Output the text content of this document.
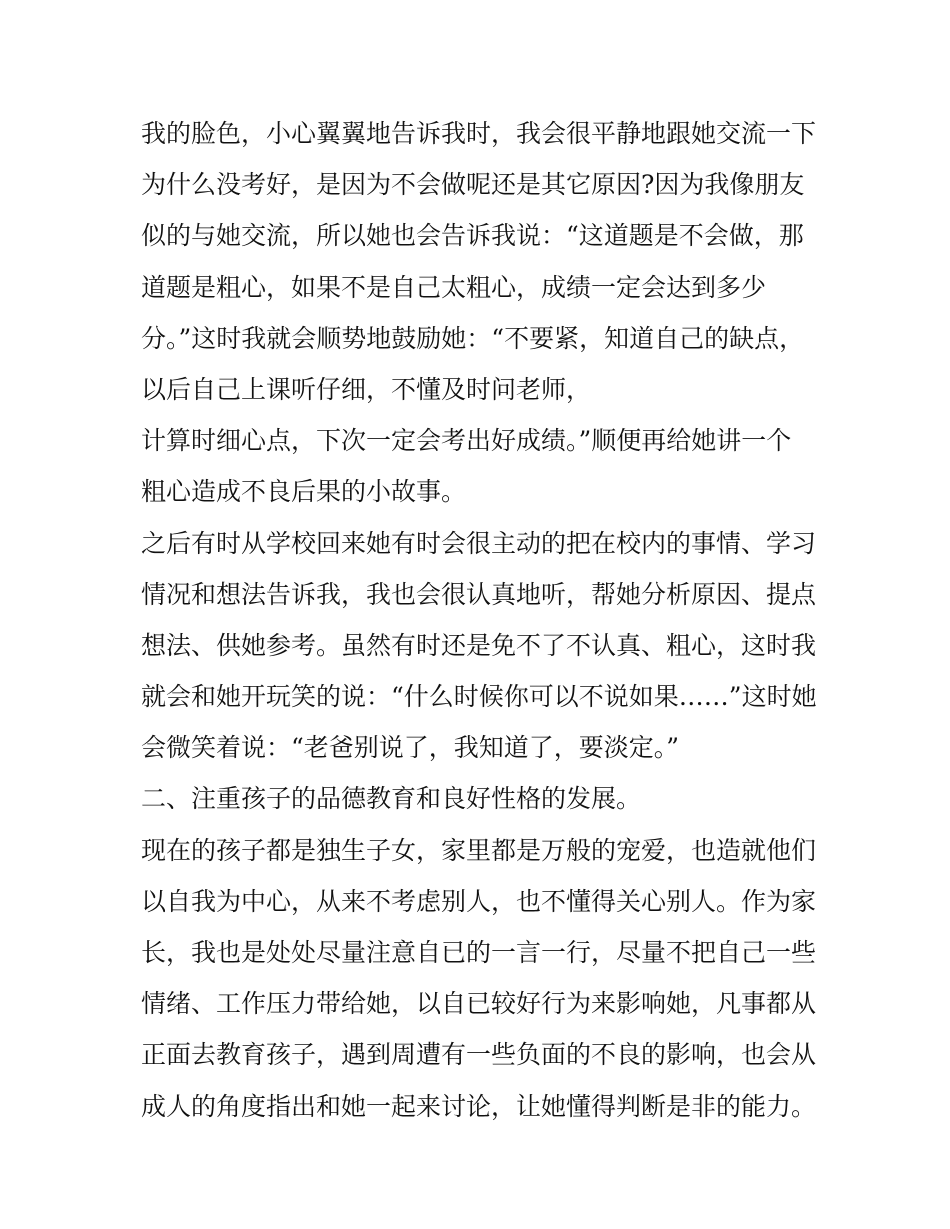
我的脸色，小心翼翼地告诉我时，我会很平静地跟她交流一下
为什么没考好，是因为不会做呢还是其它原因?因为我像朋友
似的与她交流，所以她也会告诉我说：“这道题是不会做，那
道题是粗心，如果不是自己太粗心，成绩一定会达到多少
分。”这时我就会顺势地鼓励她：“不要紧，知道自己的缺点，
以后自己上课听仔细，不懂及时问老师，
计算时细心点，下次一定会考出好成绩。”顺便再给她讲一个
粗心造成不良后果的小故事。
之后有时从学校回来她有时会很主动的把在校内的事情、学习
情况和想法告诉我，我也会很认真地听，帮她分析原因、提点
想法、供她参考。虽然有时还是免不了不认真、粗心，这时我
就会和她开玩笑的说：“什么时候你可以不说如果……”这时她
会微笑着说：“老爸别说了，我知道了，要淡定。”
二、注重孩子的品德教育和良好性格的发展。
现在的孩子都是独生子女，家里都是万般的宠爱，也造就他们
以自我为中心，从来不考虑别人，也不懂得关心别人。作为家
长，我也是处处尽量注意自已的一言一行，尽量不把自己一些
情绪、工作压力带给她，以自已较好行为来影响她，凡事都从
正面去教育孩子，遇到周遭有一些负面的不良的影响，也会从
成人的角度指出和她一起来讨论，让她懂得判断是非的能力。
